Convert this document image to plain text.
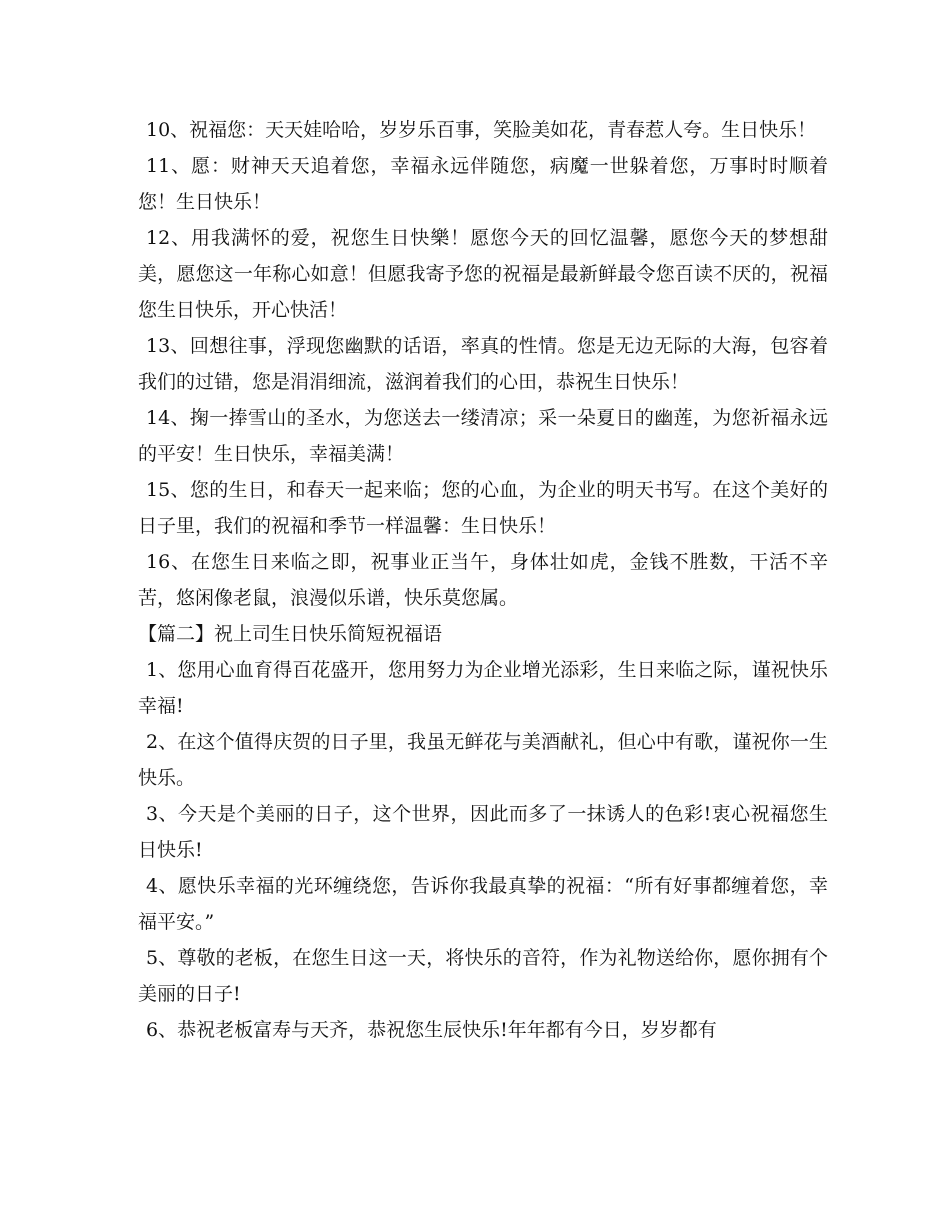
10、祝福您：天天娃哈哈，岁岁乐百事，笑脸美如花，青春惹人夸。生日快乐！

11、愿：财神天天追着您，幸福永远伴随您，病魔一世躲着您，万事时时顺着您！生日快乐！

12、用我满怀的爱，祝您生日快樂！愿您今天的回忆温馨，愿您今天的梦想甜美，愿您这一年称心如意！但愿我寄予您的祝福是最新鲜最令您百读不厌的，祝福您生日快乐，开心快活！

13、回想往事，浮现您幽默的话语，率真的性情。您是无边无际的大海，包容着我们的过错，您是涓涓细流，滋润着我们的心田，恭祝生日快乐！

14、掬一捧雪山的圣水，为您送去一缕清凉；采一朵夏日的幽莲，为您祈福永远的平安！生日快乐，幸福美满！

15、您的生日，和春天一起来临；您的心血，为企业的明天书写。在这个美好的日子里，我们的祝福和季节一样温馨：生日快乐！

16、在您生日来临之即，祝事业正当午，身体壮如虎，金钱不胜数，干活不辛苦，悠闲像老鼠，浪漫似乐谱，快乐莫您属。

【篇二】祝上司生日快乐简短祝福语

1、您用心血育得百花盛开，您用努力为企业增光添彩，生日来临之际，谨祝快乐幸福!

2、在这个值得庆贺的日子里，我虽无鲜花与美酒献礼，但心中有歌，谨祝你一生快乐。

3、今天是个美丽的日子，这个世界，因此而多了一抹诱人的色彩!衷心祝福您生日快乐!

4、愿快乐幸福的光环缠绕您，告诉你我最真挚的祝福：“所有好事都缠着您，幸福平安。”

5、尊敬的老板，在您生日这一天，将快乐的音符，作为礼物送给你，愿你拥有个美丽的日子!

6、恭祝老板富寿与天齐，恭祝您生辰快乐!年年都有今日，岁岁都有
